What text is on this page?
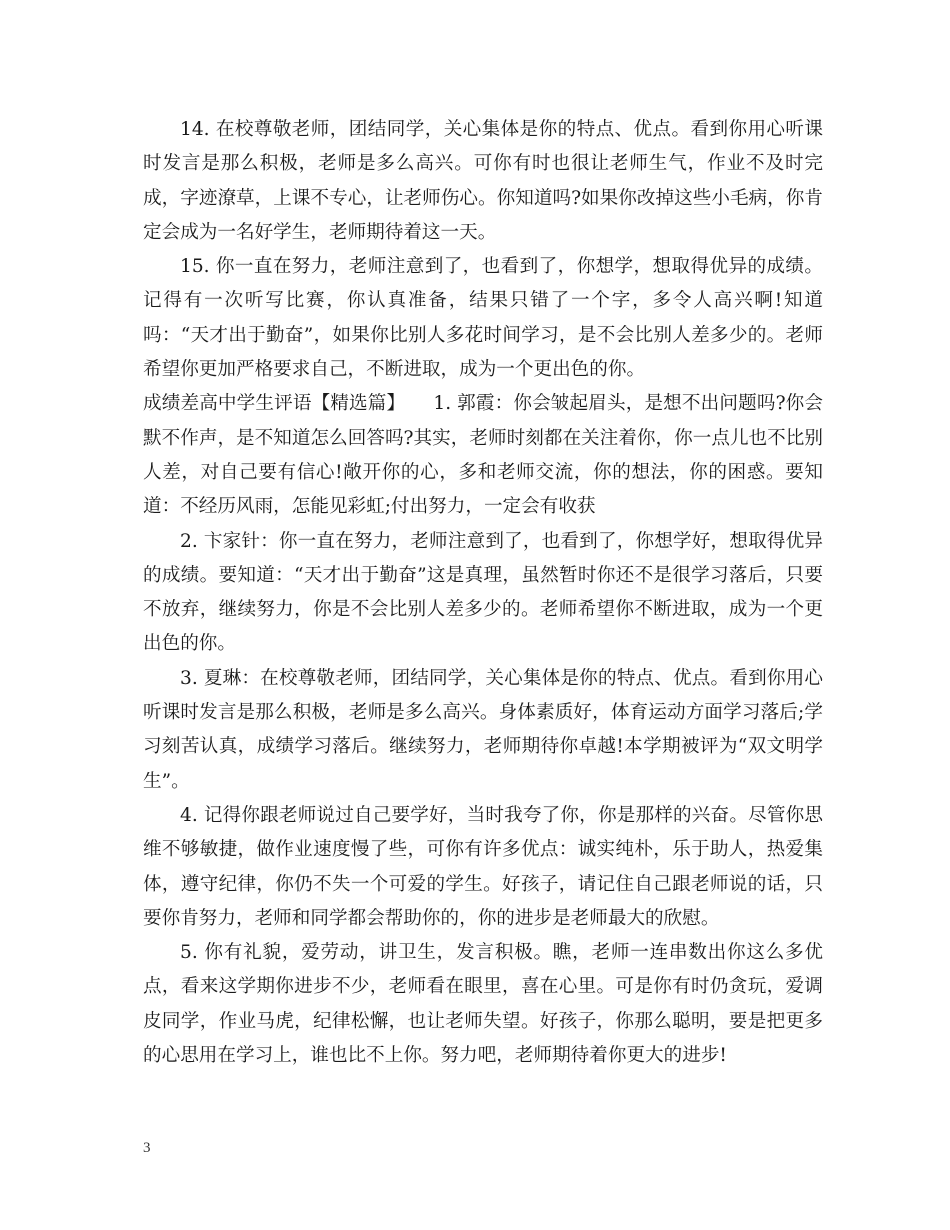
14. 在校尊敬老师，团结同学，关心集体是你的特点、优点。看到你用心听课时发言是那么积极，老师是多么高兴。可你有时也很让老师生气，作业不及时完成，字迹潦草，上课不专心，让老师伤心。你知道吗?如果你改掉这些小毛病，你肯定会成为一名好学生，老师期待着这一天。

15. 你一直在努力，老师注意到了，也看到了，你想学，想取得优异的成绩。记得有一次听写比赛，你认真准备，结果只错了一个字，多令人高兴啊!知道吗：“天才出于勤奋”，如果你比别人多花时间学习，是不会比别人差多少的。老师希望你更加严格要求自己，不断进取，成为一个更出色的你。

成绩差高中学生评语【精选篇】　　1. 郭霞：你会皱起眉头，是想不出问题吗?你会默不作声，是不知道怎么回答吗?其实，老师时刻都在关注着你，你一点儿也不比别人差，对自己要有信心!敞开你的心，多和老师交流，你的想法，你的困惑。要知道：不经历风雨，怎能见彩虹;付出努力，一定会有收获

2. 卞家针：你一直在努力，老师注意到了，也看到了，你想学好，想取得优异的成绩。要知道：“天才出于勤奋”这是真理，虽然暂时你还不是很学习落后，只要不放弃，继续努力，你是不会比别人差多少的。老师希望你不断进取，成为一个更出色的你。

3. 夏琳：在校尊敬老师，团结同学，关心集体是你的特点、优点。看到你用心听课时发言是那么积极，老师是多么高兴。身体素质好，体育运动方面学习落后;学习刻苦认真，成绩学习落后。继续努力，老师期待你卓越!本学期被评为“双文明学生”。

4. 记得你跟老师说过自己要学好，当时我夸了你，你是那样的兴奋。尽管你思维不够敏捷，做作业速度慢了些，可你有许多优点：诚实纯朴，乐于助人，热爱集体，遵守纪律，你仍不失一个可爱的学生。好孩子，请记住自己跟老师说的话，只要你肯努力，老师和同学都会帮助你的，你的进步是老师最大的欣慰。

5. 你有礼貌，爱劳动，讲卫生，发言积极。瞧，老师一连串数出你这么多优点，看来这学期你进步不少，老师看在眼里，喜在心里。可是你有时仍贪玩，爱调皮同学，作业马虎，纪律松懈，也让老师失望。好孩子，你那么聪明，要是把更多的心思用在学习上，谁也比不上你。努力吧，老师期待着你更大的进步!

3
